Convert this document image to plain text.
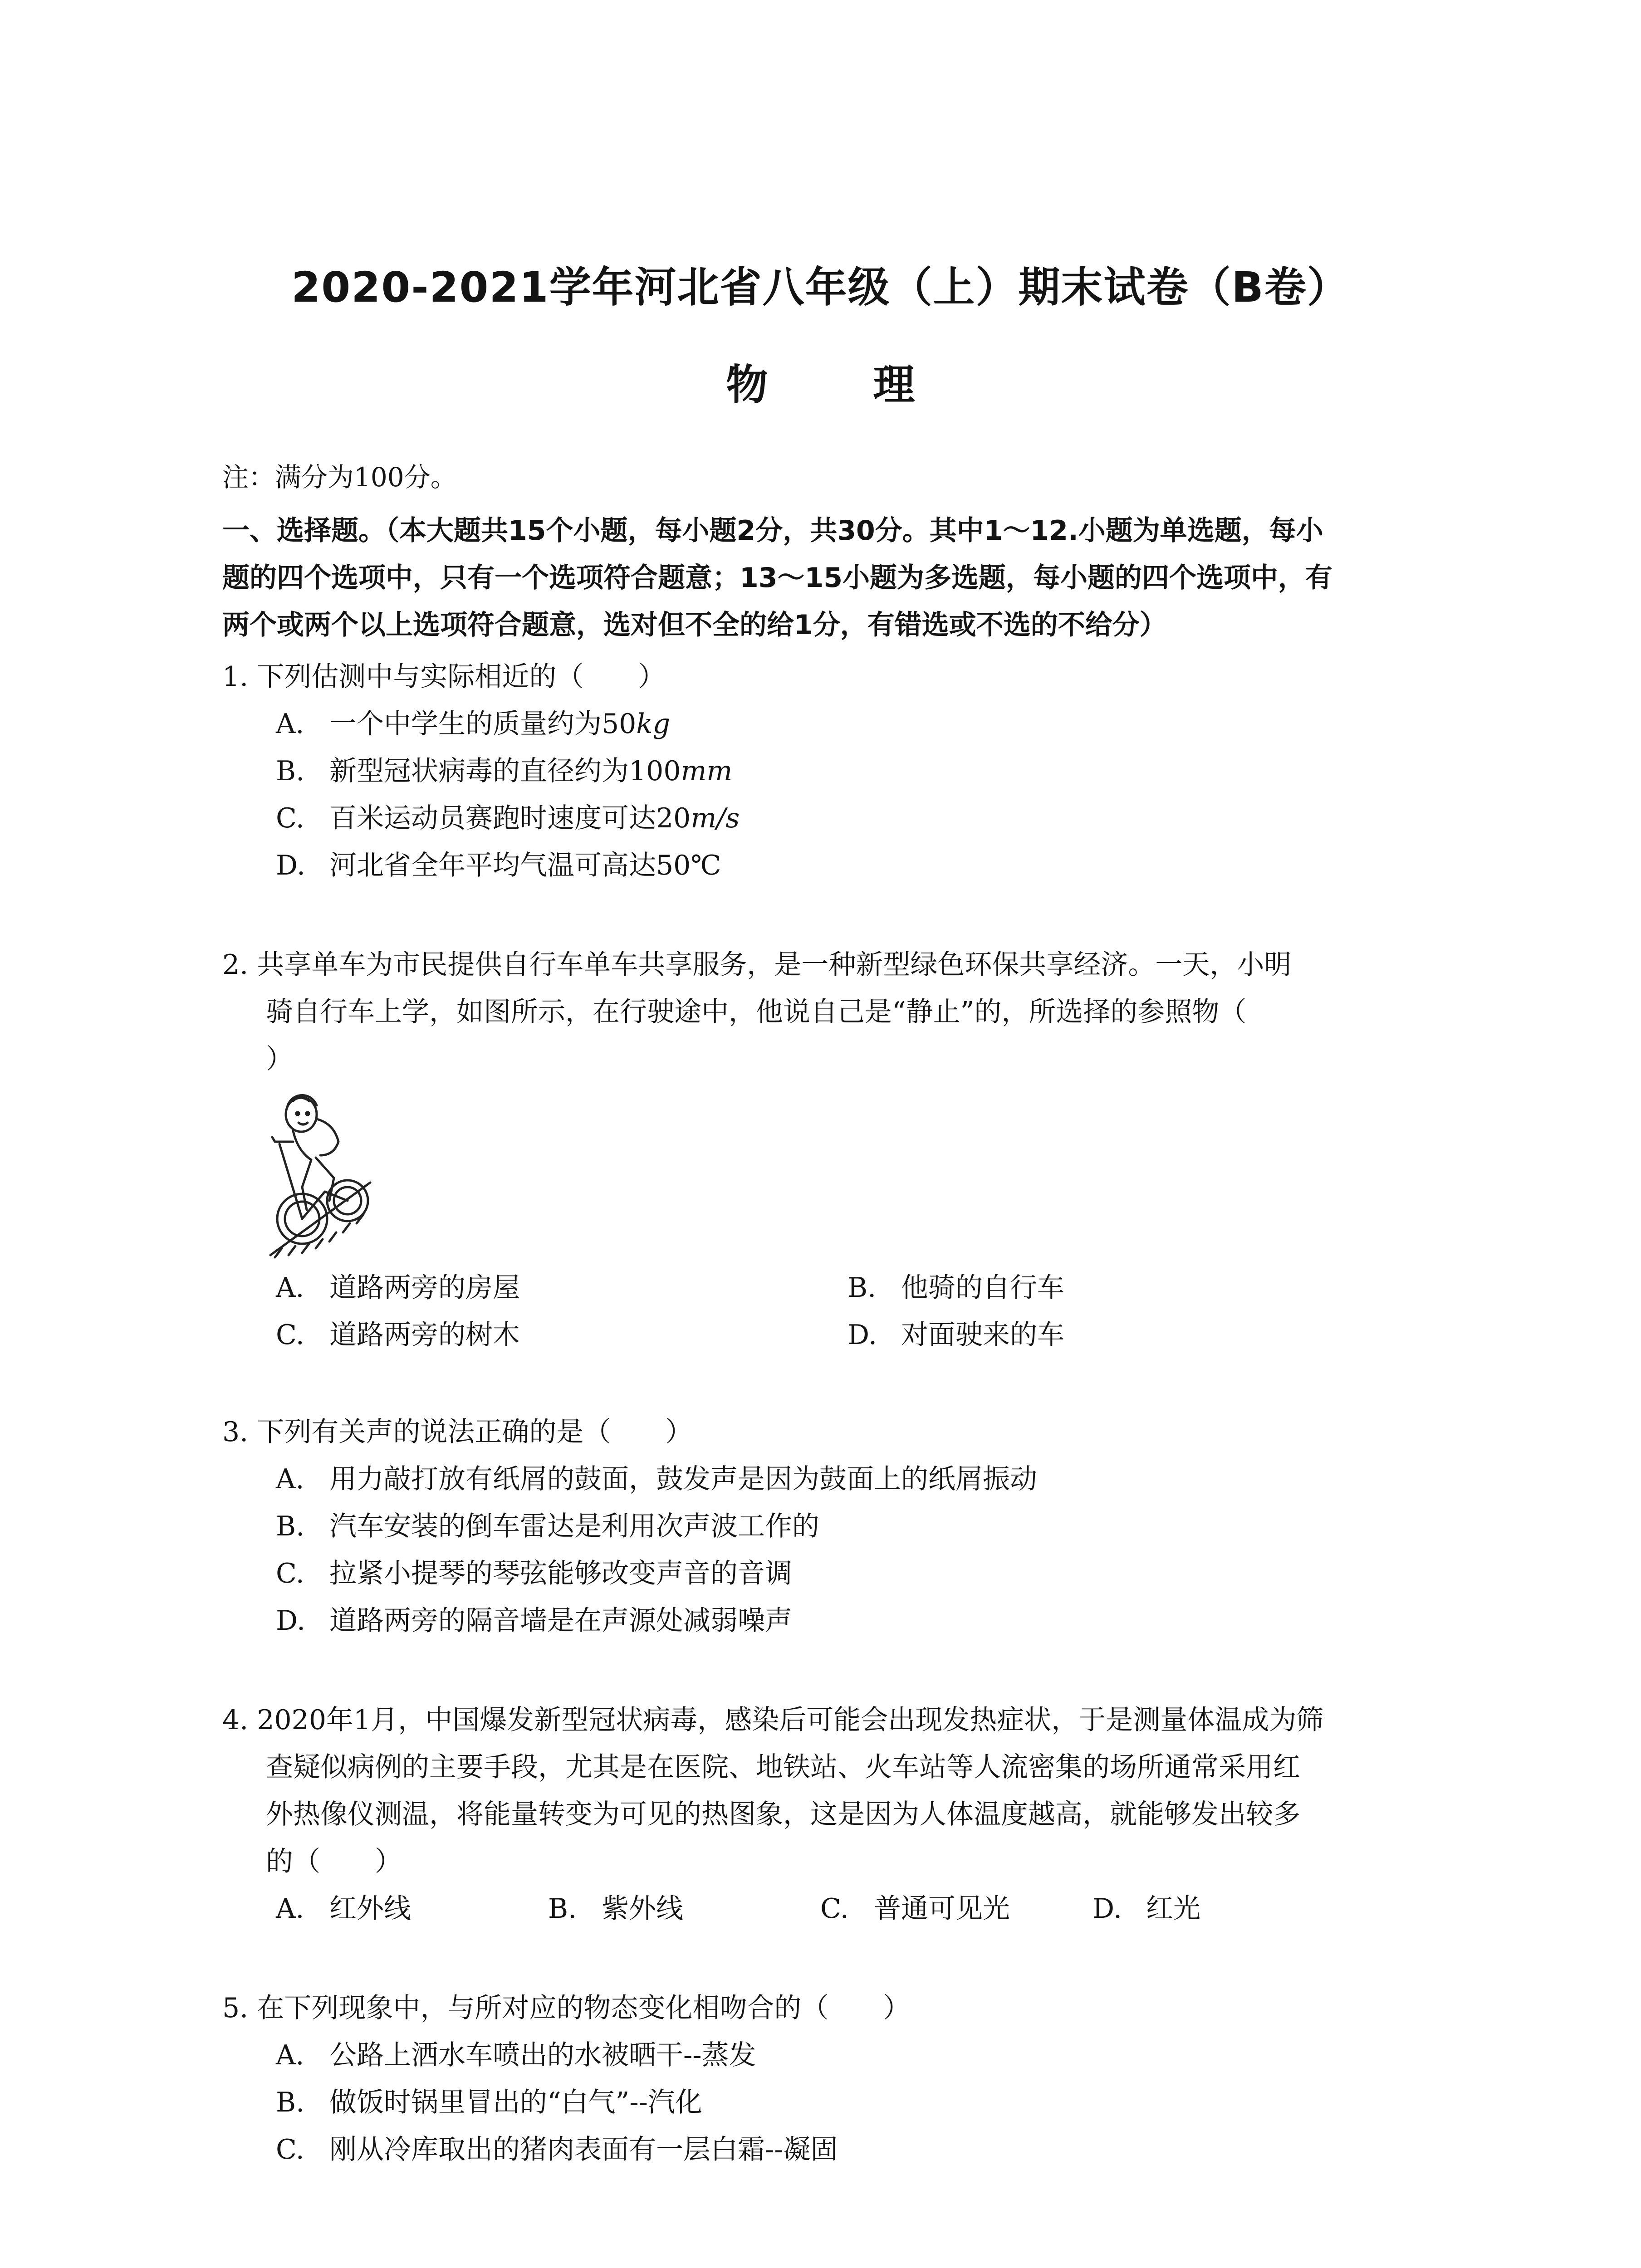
2020-2021学年河北省八年级（上）期末试卷（B卷）
物 理
注：满分为100分。
一、选择题。（本大题共15个小题，每小题2分，共30分。其中1～12.小题为单选题，每小
题的四个选项中，只有一个选项符合题意；13～15小题为多选题，每小题的四个选项中，有
两个或两个以上选项符合题意，选对但不全的给1分，有错选或不选的不给分）
1. 下列估测中与实际相近的（　　）
A. 一个中学生的质量约为50kg
B. 新型冠状病毒的直径约为100mm
C. 百米运动员赛跑时速度可达20m/s
D. 河北省全年平均气温可高达50℃
2. 共享单车为市民提供自行车单车共享服务，是一种新型绿色环保共享经济。一天，小明
骑自行车上学，如图所示，在行驶途中，他说自己是“静止”的，所选择的参照物（
）
A. 道路两旁的房屋	B. 他骑的自行车
C. 道路两旁的树木	D. 对面驶来的车
3. 下列有关声的说法正确的是（　　）
A. 用力敲打放有纸屑的鼓面，鼓发声是因为鼓面上的纸屑振动
B. 汽车安装的倒车雷达是利用次声波工作的
C. 拉紧小提琴的琴弦能够改变声音的音调
D. 道路两旁的隔音墙是在声源处减弱噪声
4. 2020年1月，中国爆发新型冠状病毒，感染后可能会出现发热症状，于是测量体温成为筛
查疑似病例的主要手段，尤其是在医院、地铁站、火车站等人流密集的场所通常采用红
外热像仪测温，将能量转变为可见的热图象，这是因为人体温度越高，就能够发出较多
的（　　）
A. 红外线	B. 紫外线	C. 普通可见光	D. 红光
5. 在下列现象中，与所对应的物态变化相吻合的（　　）
A. 公路上洒水车喷出的水被晒干--蒸发
B. 做饭时锅里冒出的“白气”--汽化
C. 刚从冷库取出的猪肉表面有一层白霜--凝固
